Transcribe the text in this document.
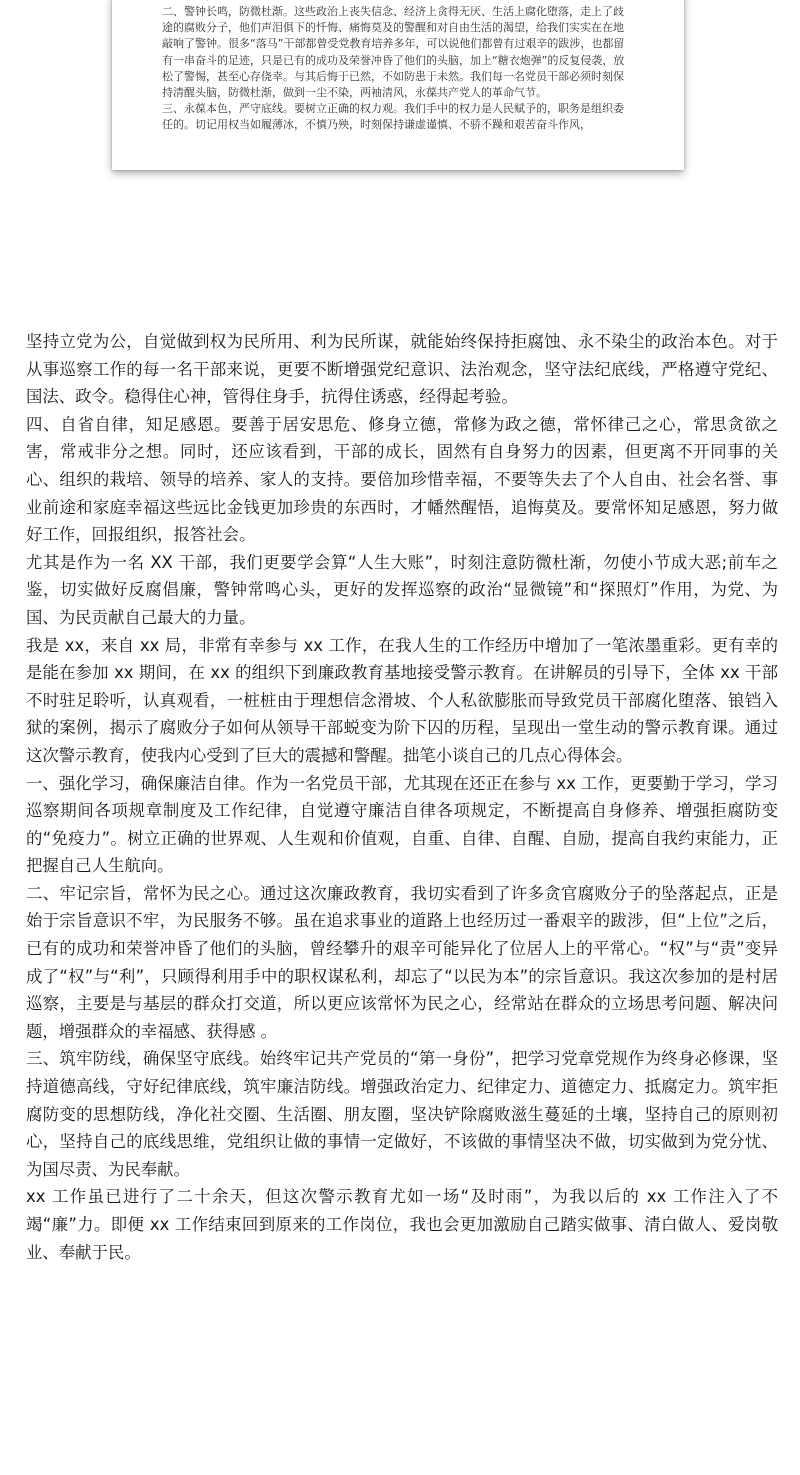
二、警钟长鸣，防微杜渐。这些政治上丧失信念、经济上贪得无厌、生活上腐化堕落，走上了歧途的腐败分子，他们声泪俱下的忏悔、痛悔莫及的警醒和对自由生活的渴望，给我们实实在在地敲响了警钟。很多“落马”干部都曾受党教育培养多年，可以说他们都曾有过艰辛的跋涉，也都留有一串奋斗的足迹，只是已有的成功及荣誉冲昏了他们的头脑，加上“糖衣炮弹”的反复侵袭，放松了警惕，甚至心存侥幸。与其后悔于已然，不如防患于未然。我们每一名党员干部必须时刻保持清醒头脑，防微杜渐，做到一尘不染，两袖清风，永葆共产党人的革命气节。

三、永葆本色，严守底线。要树立正确的权力观。我们手中的权力是人民赋予的，职务是组织委任的。切记用权当如履薄冰，不慎乃殃，时刻保持谦虚谨慎、不骄不躁和艰苦奋斗作风，

坚持立党为公，自觉做到权为民所用、利为民所谋，就能始终保持拒腐蚀、永不染尘的政治本色。对于从事巡察工作的每一名干部来说，更要不断增强党纪意识、法治观念，坚守法纪底线，严格遵守党纪、国法、政令。稳得住心神，管得住身手，抗得住诱惑，经得起考验。

四、自省自律，知足感恩。要善于居安思危、修身立德，常修为政之德，常怀律己之心，常思贪欲之害，常戒非分之想。同时，还应该看到，干部的成长，固然有自身努力的因素，但更离不开同事的关心、组织的栽培、领导的培养、家人的支持。要倍加珍惜幸福，不要等失去了个人自由、社会名誉、事业前途和家庭幸福这些远比金钱更加珍贵的东西时，才幡然醒悟，追悔莫及。要常怀知足感恩，努力做好工作，回报组织，报答社会。

尤其是作为一名 XX 干部，我们更要学会算“人生大账”，时刻注意防微杜渐，勿使小节成大恶;前车之鉴，切实做好反腐倡廉，警钟常鸣心头，更好的发挥巡察的政治“显微镜”和“探照灯”作用，为党、为国、为民贡献自己最大的力量。

我是 xx，来自 xx 局，非常有幸参与 xx 工作，在我人生的工作经历中增加了一笔浓墨重彩。更有幸的是能在参加 xx 期间，在 xx 的组织下到廉政教育基地接受警示教育。在讲解员的引导下，全体 xx 干部不时驻足聆听，认真观看，一桩桩由于理想信念滑坡、个人私欲膨胀而导致党员干部腐化堕落、锒铛入狱的案例，揭示了腐败分子如何从领导干部蜕变为阶下囚的历程，呈现出一堂生动的警示教育课。通过这次警示教育，使我内心受到了巨大的震撼和警醒。拙笔小谈自己的几点心得体会。

一、强化学习，确保廉洁自律。作为一名党员干部，尤其现在还正在参与 xx 工作，更要勤于学习，学习巡察期间各项规章制度及工作纪律，自觉遵守廉洁自律各项规定，不断提高自身修养、增强拒腐防变的“免疫力”。树立正确的世界观、人生观和价值观，自重、自律、自醒、自励，提高自我约束能力，正把握自己人生航向。

二、牢记宗旨，常怀为民之心。通过这次廉政教育，我切实看到了许多贪官腐败分子的坠落起点，正是始于宗旨意识不牢，为民服务不够。虽在追求事业的道路上也经历过一番艰辛的跋涉，但“上位”之后，已有的成功和荣誉冲昏了他们的头脑，曾经攀升的艰辛可能异化了位居人上的平常心。“权”与“责”变异成了“权”与“利”，只顾得利用手中的职权谋私利，却忘了“以民为本”的宗旨意识。我这次参加的是村居巡察，主要是与基层的群众打交道，所以更应该常怀为民之心，经常站在群众的立场思考问题、解决问题，增强群众的幸福感、获得感 。

三、筑牢防线，确保坚守底线。始终牢记共产党员的“第一身份”，把学习党章党规作为终身必修课，坚持道德高线，守好纪律底线，筑牢廉洁防线。增强政治定力、纪律定力、道德定力、抵腐定力。筑牢拒腐防变的思想防线，净化社交圈、生活圈、朋友圈，坚决铲除腐败滋生蔓延的土壤，坚持自己的原则初心，坚持自己的底线思维，党组织让做的事情一定做好，不该做的事情坚决不做，切实做到为党分忧、为国尽责、为民奉献。

xx 工作虽已进行了二十余天，但这次警示教育尤如一场“及时雨”，为我以后的 xx 工作注入了不竭“廉”力。即便 xx 工作结束回到原来的工作岗位，我也会更加激励自己踏实做事、清白做人、爱岗敬业、奉献于民。
